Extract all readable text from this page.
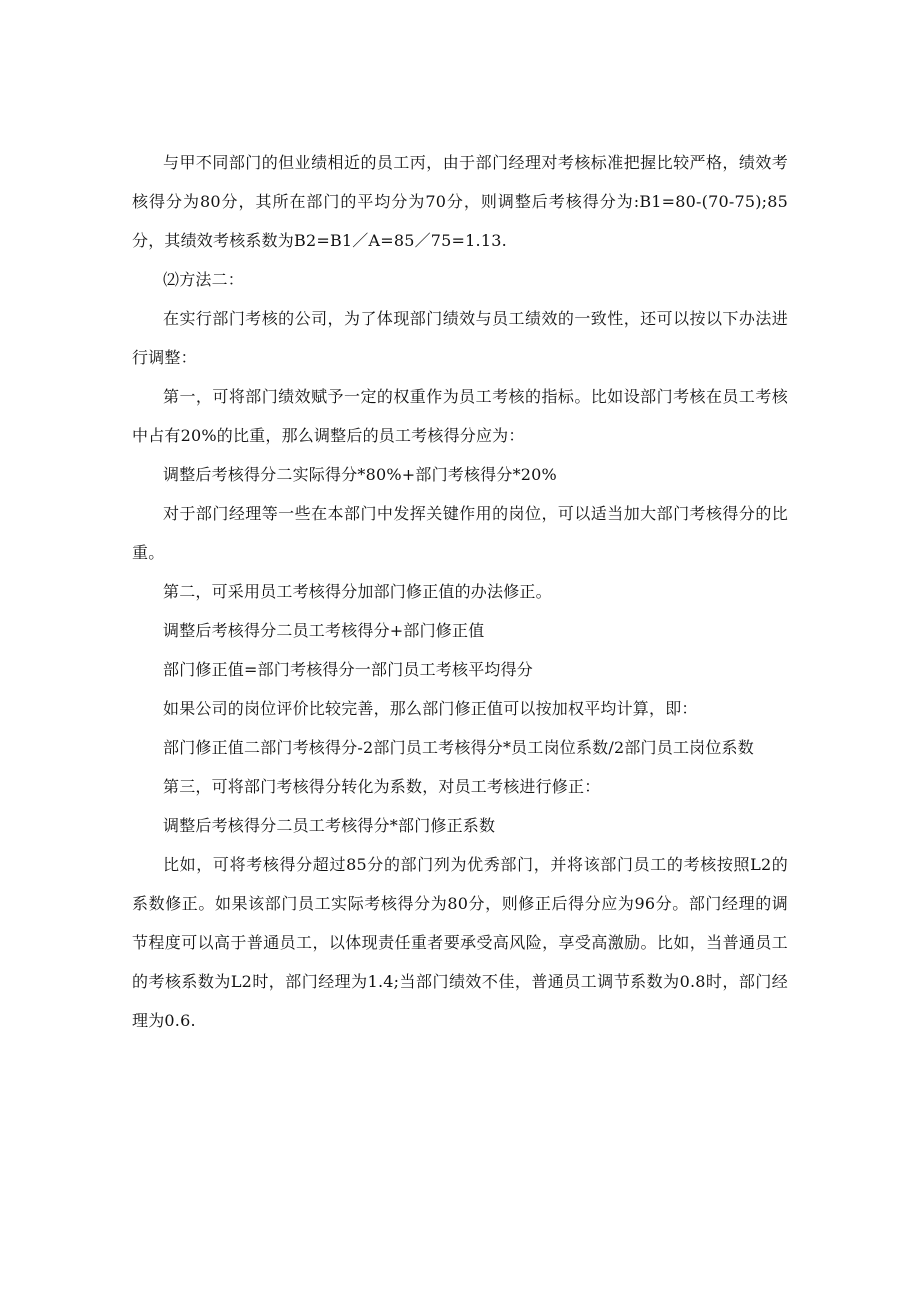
与甲不同部门的但业绩相近的员工丙，由于部门经理对考核标准把握比较严格，绩效考核得分为80分，其所在部门的平均分为70分，则调整后考核得分为:B1=80-(70-75);85分，其绩效考核系数为B2=B1／A=85／75=1.13.

⑵方法二：

在实行部门考核的公司，为了体现部门绩效与员工绩效的一致性，还可以按以下办法进行调整：

第一，可将部门绩效赋予一定的权重作为员工考核的指标。比如设部门考核在员工考核中占有20%的比重，那么调整后的员工考核得分应为：

调整后考核得分二实际得分*80%+部门考核得分*20%

对于部门经理等一些在本部门中发挥关键作用的岗位，可以适当加大部门考核得分的比重。

第二，可采用员工考核得分加部门修正值的办法修正。

调整后考核得分二员工考核得分+部门修正值

部门修正值=部门考核得分一部门员工考核平均得分

如果公司的岗位评价比较完善，那么部门修正值可以按加权平均计算，即：

部门修正值二部门考核得分-2部门员工考核得分*员工岗位系数/2部门员工岗位系数

第三，可将部门考核得分转化为系数，对员工考核进行修正：

调整后考核得分二员工考核得分*部门修正系数

比如，可将考核得分超过85分的部门列为优秀部门，并将该部门员工的考核按照L2的系数修正。如果该部门员工实际考核得分为80分，则修正后得分应为96分。部门经理的调节程度可以高于普通员工，以体现责任重者要承受高风险，享受高激励。比如，当普通员工的考核系数为L2时，部门经理为1.4;当部门绩效不佳，普通员工调节系数为0.8时，部门经理为0.6.
